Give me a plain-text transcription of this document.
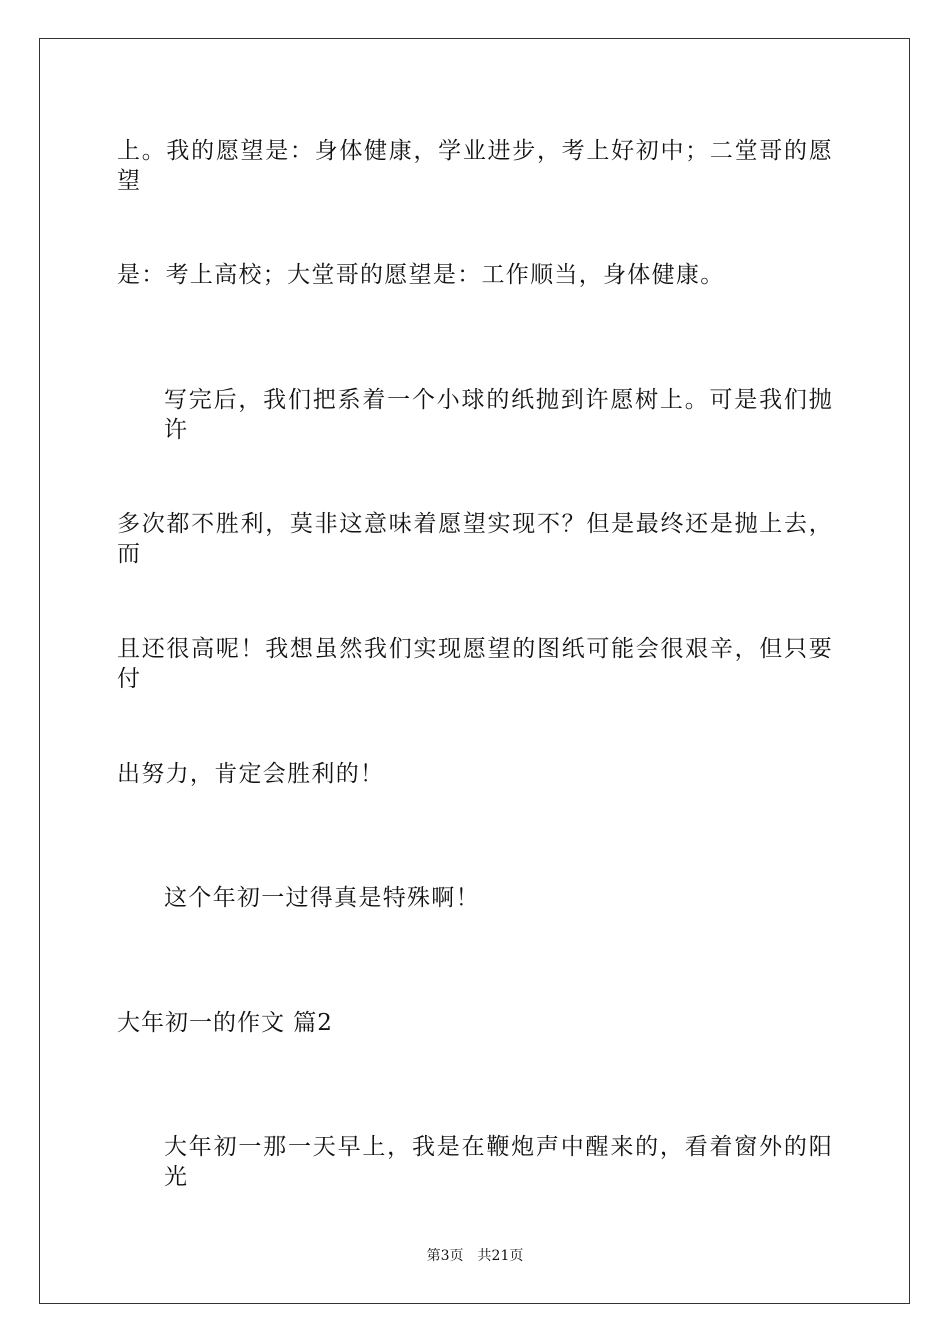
上。我的愿望是：身体健康，学业进步，考上好初中；二堂哥的愿望
是：考上高校；大堂哥的愿望是：工作顺当，身体健康。
写完后，我们把系着一个小球的纸抛到许愿树上。可是我们抛许
多次都不胜利，莫非这意味着愿望实现不？但是最终还是抛上去，而
且还很高呢！我想虽然我们实现愿望的图纸可能会很艰辛，但只要付
出努力，肯定会胜利的！
这个年初一过得真是特殊啊！
大年初一的作文 篇2
大年初一那一天早上，我是在鞭炮声中醒来的，看着窗外的阳光
第3页 共21页
